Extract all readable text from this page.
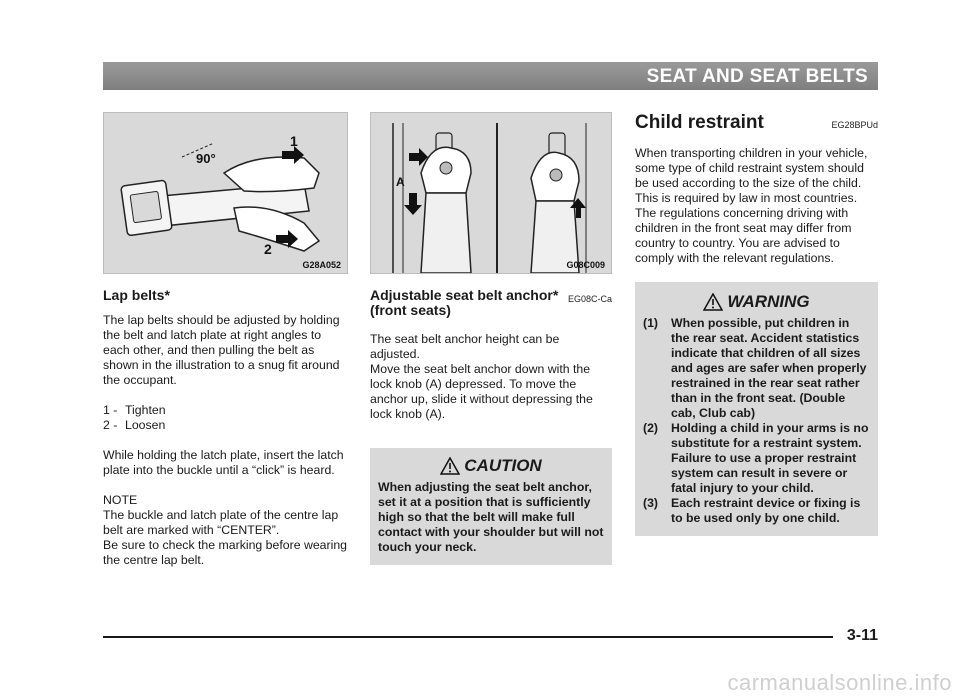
SEAT AND SEAT BELTS
90°
1
2
G28A052
Lap belts*

The lap belts should be adjusted by holding the belt and latch plate at right angles to each other, and then pulling the belt as shown in the illustration to a snug fit around the occupant.

1 - Tighten
2 - Loosen

While holding the latch plate, insert the latch plate into the buckle until a “click” is heard.

NOTE

The buckle and latch plate of the centre lap belt are marked with “CENTER”.

Be sure to check the marking before wearing the centre lap belt.

A
G08C009
Adjustable seat belt anchor*
(front seats)
EG08C-Ca

The seat belt anchor height can be adjusted.

Move the seat belt anchor down with the lock knob (A) depressed. To move the anchor up, slide it without depressing the lock knob (A).

CAUTION

When adjusting the seat belt anchor, set it at a position that is sufficiently high so that the belt will make full contact with your shoulder but will not touch your neck.

Child restraint	EG28BPUd

When transporting children in your vehicle, some type of child restraint system should be used according to the size of the child. This is required by law in most countries.

The regulations concerning driving with children in the front seat may differ from country to country. You are advised to comply with the relevant regulations.

WARNING
(1)	When possible, put children in the rear seat. Accident statistics indicate that children of all sizes and ages are safer when properly restrained in the rear seat rather than in the front seat. (Double cab, Club cab)
(2)	Holding a child in your arms is no substitute for a restraint system. Failure to use a proper restraint system can result in severe or fatal injury to your child.
(3)	Each restraint device or fixing is to be used only by one child.
3-11
carmanualsonline.info
